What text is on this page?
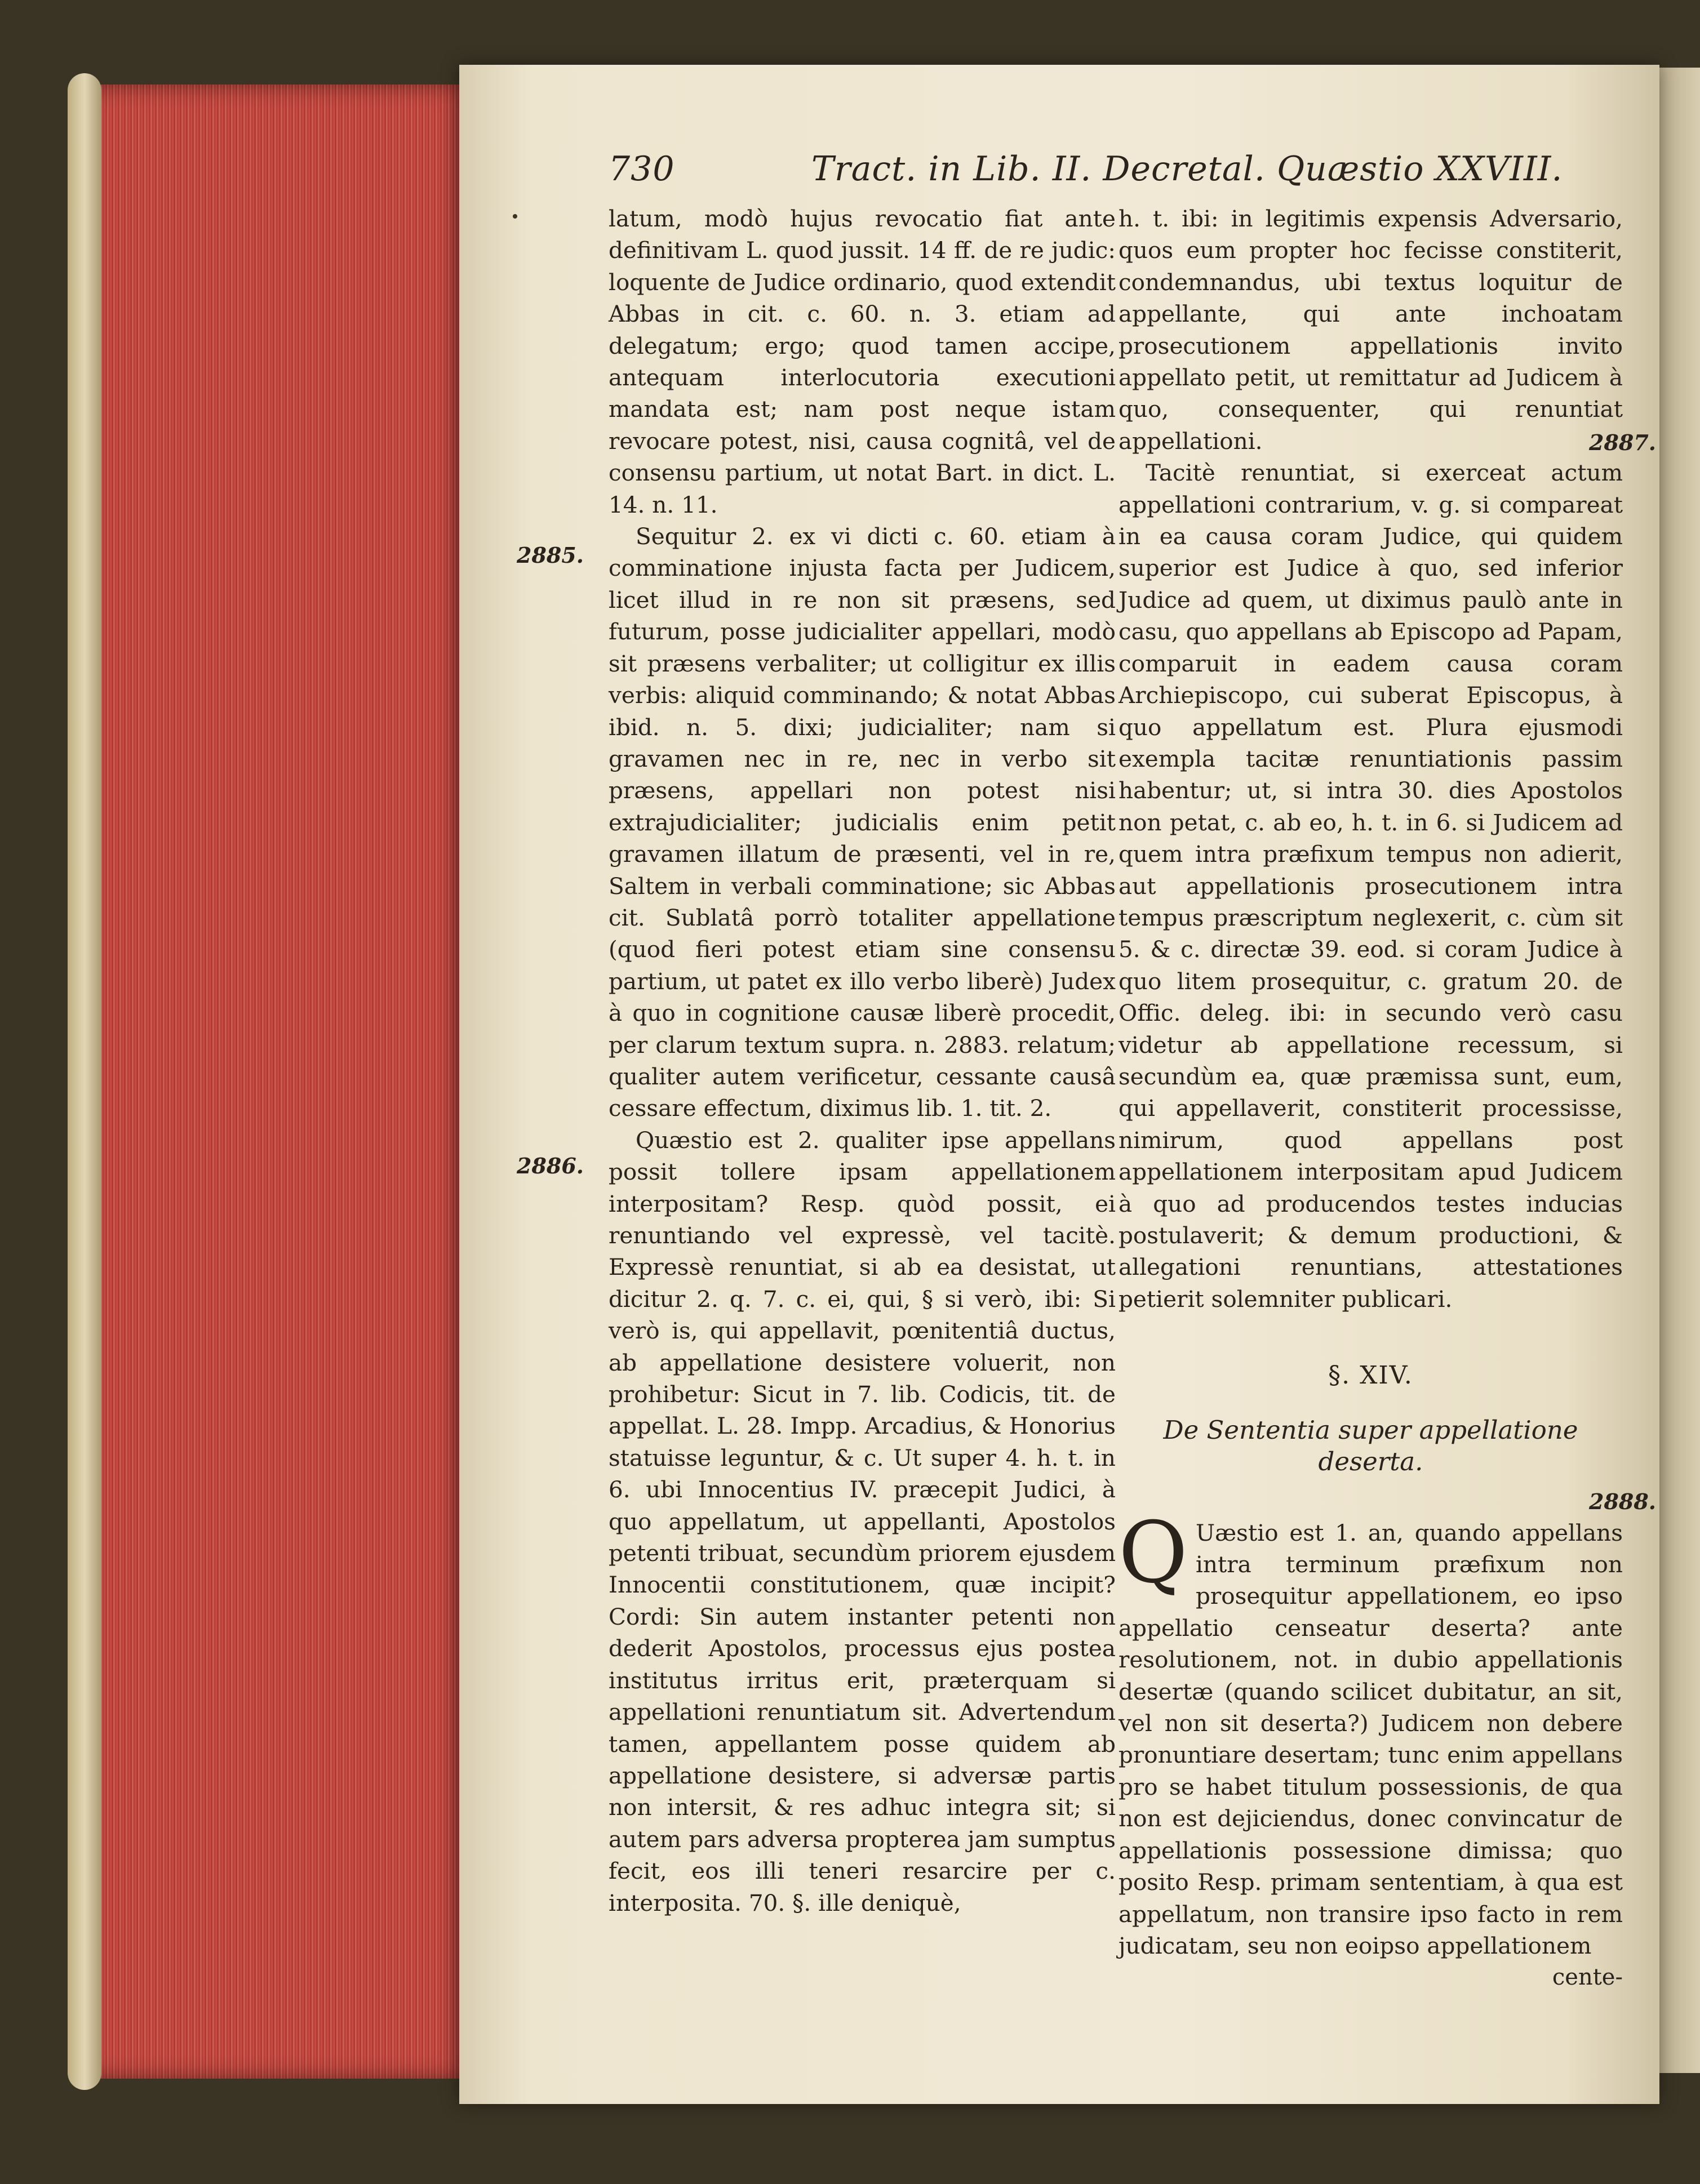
730	Tract. in Lib. II. Decretal. Quæstio XXVIII.
2885.
2886.
2887.
2888.

latum, modò hujus revocatio fiat ante definitivam L. quod jussit. 14 ff. de re judic: loquente de Judice ordinario, quod extendit Abbas in cit. c. 60. n. 3. etiam ad delegatum; ergo; quod tamen accipe, antequam interlocutoria executioni mandata est; nam post neque istam revocare potest, nisi, causa cognitâ, vel de consensu partium, ut notat Bart. in dict. L. 14. n. 11.

Sequitur 2. ex vi dicti c. 60. etiam à comminatione injusta facta per Judicem, licet illud in re non sit præsens, sed futurum, posse judicialiter appellari, modò sit præsens verbaliter; ut colligitur ex illis verbis: aliquid comminando; & notat Abbas ibid. n. 5. dixi; judicialiter; nam si gravamen nec in re, nec in verbo sit præsens, appellari non potest nisi extrajudicialiter; judicialis enim petit gravamen illatum de præsenti, vel in re, Saltem in verbali comminatione; sic Abbas cit. Sublatâ porrò totaliter appellatione (quod fieri potest etiam sine consensu partium, ut patet ex illo verbo liberè) Judex à quo in cognitione causæ liberè procedit, per clarum textum supra. n. 2883. relatum; qualiter autem verificetur, cessante causâ cessare effectum, diximus lib. 1. tit. 2.

Quæstio est 2. qualiter ipse appellans possit tollere ipsam appellationem interpositam? Resp. quòd possit, ei renuntiando vel expressè, vel tacitè. Expressè renuntiat, si ab ea desistat, ut dicitur 2. q. 7. c. ei, qui, § si verò, ibi: Si verò is, qui appellavit, pœnitentiâ ductus, ab appellatione desistere voluerit, non prohibetur: Sicut in 7. lib. Codicis, tit. de appellat. L. 28. Impp. Arcadius, & Honorius statuisse leguntur, & c. Ut super 4. h. t. in 6. ubi Innocentius IV. præcepit Judici, à quo appellatum, ut appellanti, Apostolos petenti tribuat, secundùm priorem ejusdem Innocentii constitutionem, quæ incipit? Cordi: Sin autem instanter petenti non dederit Apostolos, processus ejus postea institutus irritus erit, præterquam si appellationi renuntiatum sit. Advertendum tamen, appellantem posse quidem ab appellatione desistere, si adversæ partis non intersit, & res adhuc integra sit; si autem pars adversa propterea jam sumptus fecit, eos illi teneri resarcire per c. interposita. 70. §. ille deniquè,

h. t. ibi: in legitimis expensis Adversario, quos eum propter hoc fecisse constiterit, condemnandus, ubi textus loquitur de appellante, qui ante inchoatam prosecutionem appellationis invito appellato petit, ut remittatur ad Judicem à quo, consequenter, qui renuntiat appellationi.

Tacitè renuntiat, si exerceat actum appellationi contrarium, v. g. si compareat in ea causa coram Judice, qui quidem superior est Judice à quo, sed inferior Judice ad quem, ut diximus paulò ante in casu, quo appellans ab Episcopo ad Papam, comparuit in eadem causa coram Archiepiscopo, cui suberat Episcopus, à quo appellatum est. Plura ejusmodi exempla tacitæ renuntiationis passim habentur; ut, si intra 30. dies Apostolos non petat, c. ab eo, h. t. in 6. si Judicem ad quem intra præfixum tempus non adierit, aut appellationis prosecutionem intra tempus præscriptum neglexerit, c. cùm sit 5. & c. directæ 39. eod. si coram Judice à quo litem prosequitur, c. gratum 20. de Offic. deleg. ibi: in secundo verò casu videtur ab appellatione recessum, si secundùm ea, quæ præmissa sunt, eum, qui appellaverit, constiterit processisse, nimirum, quod appellans post appellationem interpositam apud Judicem à quo ad producendos testes inducias postulaverit; & demum productioni, & allegationi renuntians, attestationes petierit solemniter publicari.

§. XIV.
De Sententia super appellatione deserta.

Q Uæstio est 1. an, quando appellans intra terminum præfixum non prosequitur appellationem, eo ipso appellatio censeatur deserta? ante resolutionem, not. in dubio appellationis desertæ (quando scilicet dubitatur, an sit, vel non sit deserta?) Judicem non debere pronuntiare desertam; tunc enim appellans pro se habet titulum possessionis, de qua non est dejiciendus, donec convincatur de appellationis possessione dimissa; quo posito Resp. primam sententiam, à qua est appellatum, non transire ipso facto in rem judicatam, seu non eoipso appellationem

cente-
